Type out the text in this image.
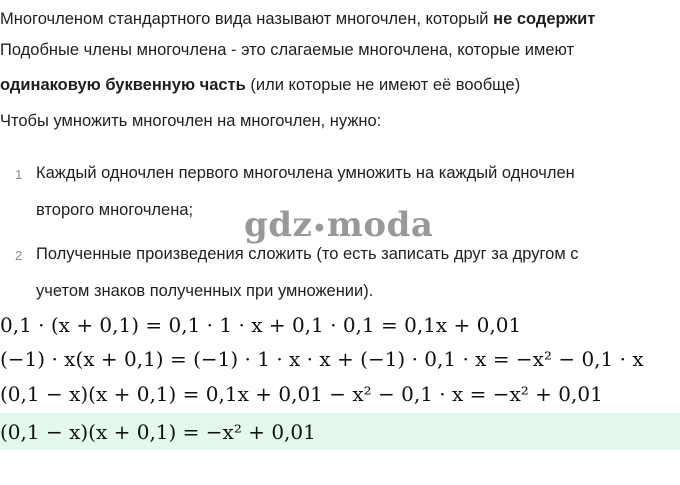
Многочленом стандартного вида называют многочлен, который не содержит
Подобные члены многочлена - это слагаемые многочлена, которые имеют
одинаковую буквенную часть (или которые не имеют её вообще)
Чтобы умножить многочлен на многочлен, нужно:
1 Каждый одночлен первого многочлена умножить на каждый одночлен
второго многочлена; gdz•moda
2 Полученные произведения сложить (то есть записать друг за другом с
учетом знаков полученных при умножении).
0,1 · (x + 0,1) = 0,1 · 1 · x + 0,1 · 0,1 = 0,1x + 0,01
(−1) · x(x + 0,1) = (−1) · 1 · x · x + (−1) · 0,1 · x = −x² − 0,1 · x
(0,1 − x)(x + 0,1) = 0,1x + 0,01 − x² − 0,1 · x = −x² + 0,01
(0,1 − x)(x + 0,1) = −x² + 0,01
